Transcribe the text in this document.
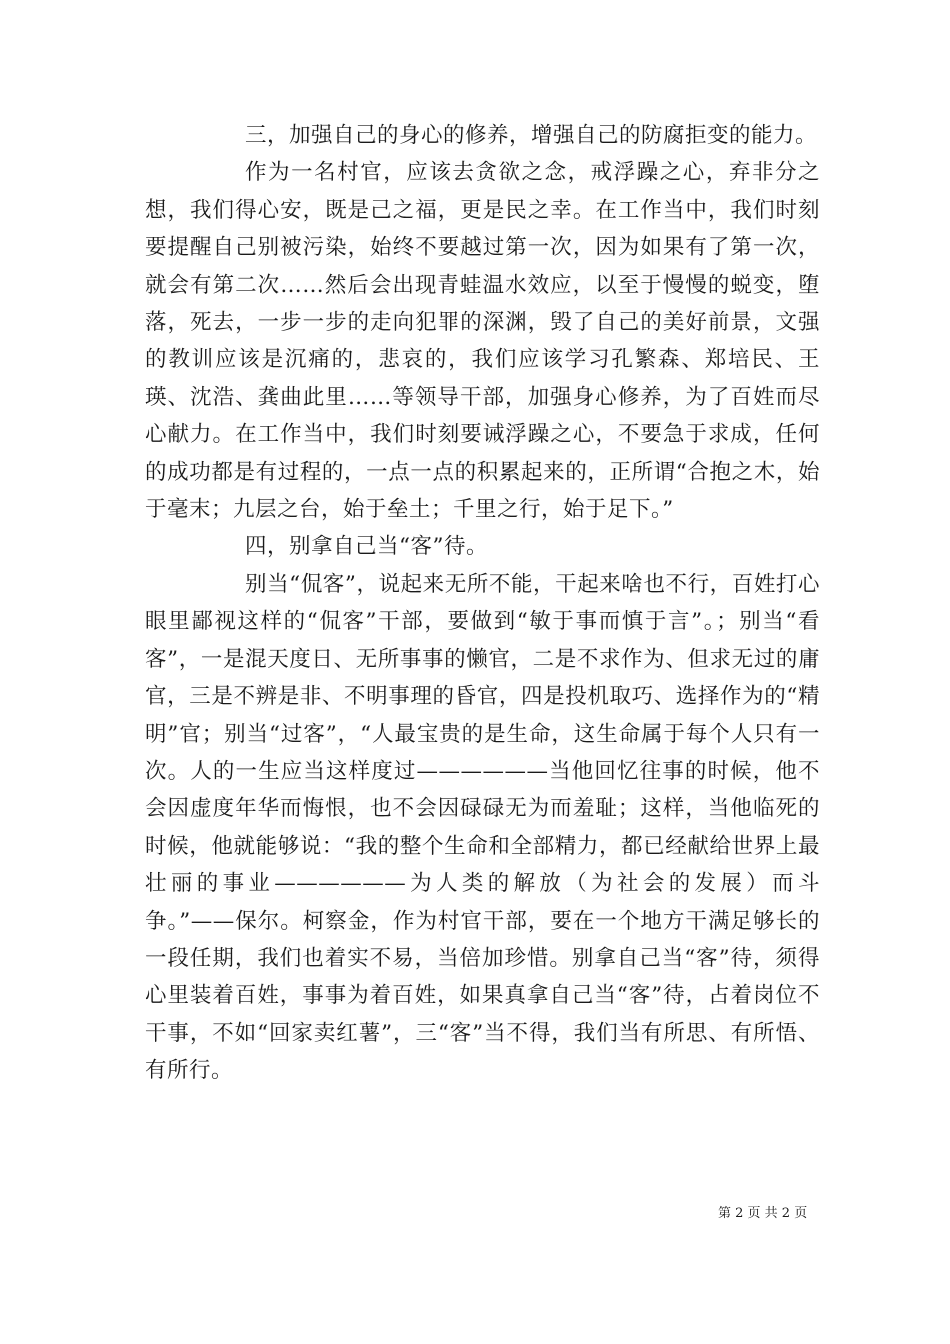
三，加强自己的身心的修养，增强自己的防腐拒变的能力。

作为一名村官，应该去贪欲之念，戒浮躁之心，弃非分之想，我们得心安，既是己之福，更是民之幸。在工作当中，我们时刻要提醒自己别被污染，始终不要越过第一次，因为如果有了第一次，就会有第二次……然后会出现青蛙温水效应，以至于慢慢的蜕变，堕落，死去，一步一步的走向犯罪的深渊，毁了自己的美好前景，文强的教训应该是沉痛的，悲哀的，我们应该学习孔繁森、郑培民、王瑛、沈浩、龚曲此里……等领导干部，加强身心修养，为了百姓而尽心献力。在工作当中，我们时刻要诫浮躁之心，不要急于求成，任何的成功都是有过程的，一点一点的积累起来的，正所谓“合抱之木，始于毫末；九层之台，始于垒土；千里之行，始于足下。”

四，别拿自己当“客”待。

别当“侃客”，说起来无所不能，干起来啥也不行，百姓打心眼里鄙视这样的“侃客”干部，要做到“敏于事而慎于言”。；别当“看客”，一是混天度日、无所事事的懒官，二是不求作为、但求无过的庸官，三是不辨是非、不明事理的昏官，四是投机取巧、选择作为的“精明”官；别当“过客”，“人最宝贵的是生命，这生命属于每个人只有一次。人的一生应当这样度过——————当他回忆往事的时候，他不会因虚度年华而悔恨，也不会因碌碌无为而羞耻；这样，当他临死的时候，他就能够说：“我的整个生命和全部精力，都已经献给世界上最壮丽的事业——————为人类的解放（为社会的发展）而斗争。”——保尔。柯察金，作为村官干部，要在一个地方干满足够长的一段任期，我们也着实不易，当倍加珍惜。别拿自己当“客”待，须得心里装着百姓，事事为着百姓，如果真拿自己当“客”待，占着岗位不干事，不如“回家卖红薯”，三“客”当不得，我们当有所思、有所悟、有所行。

第 2 页 共 2 页
